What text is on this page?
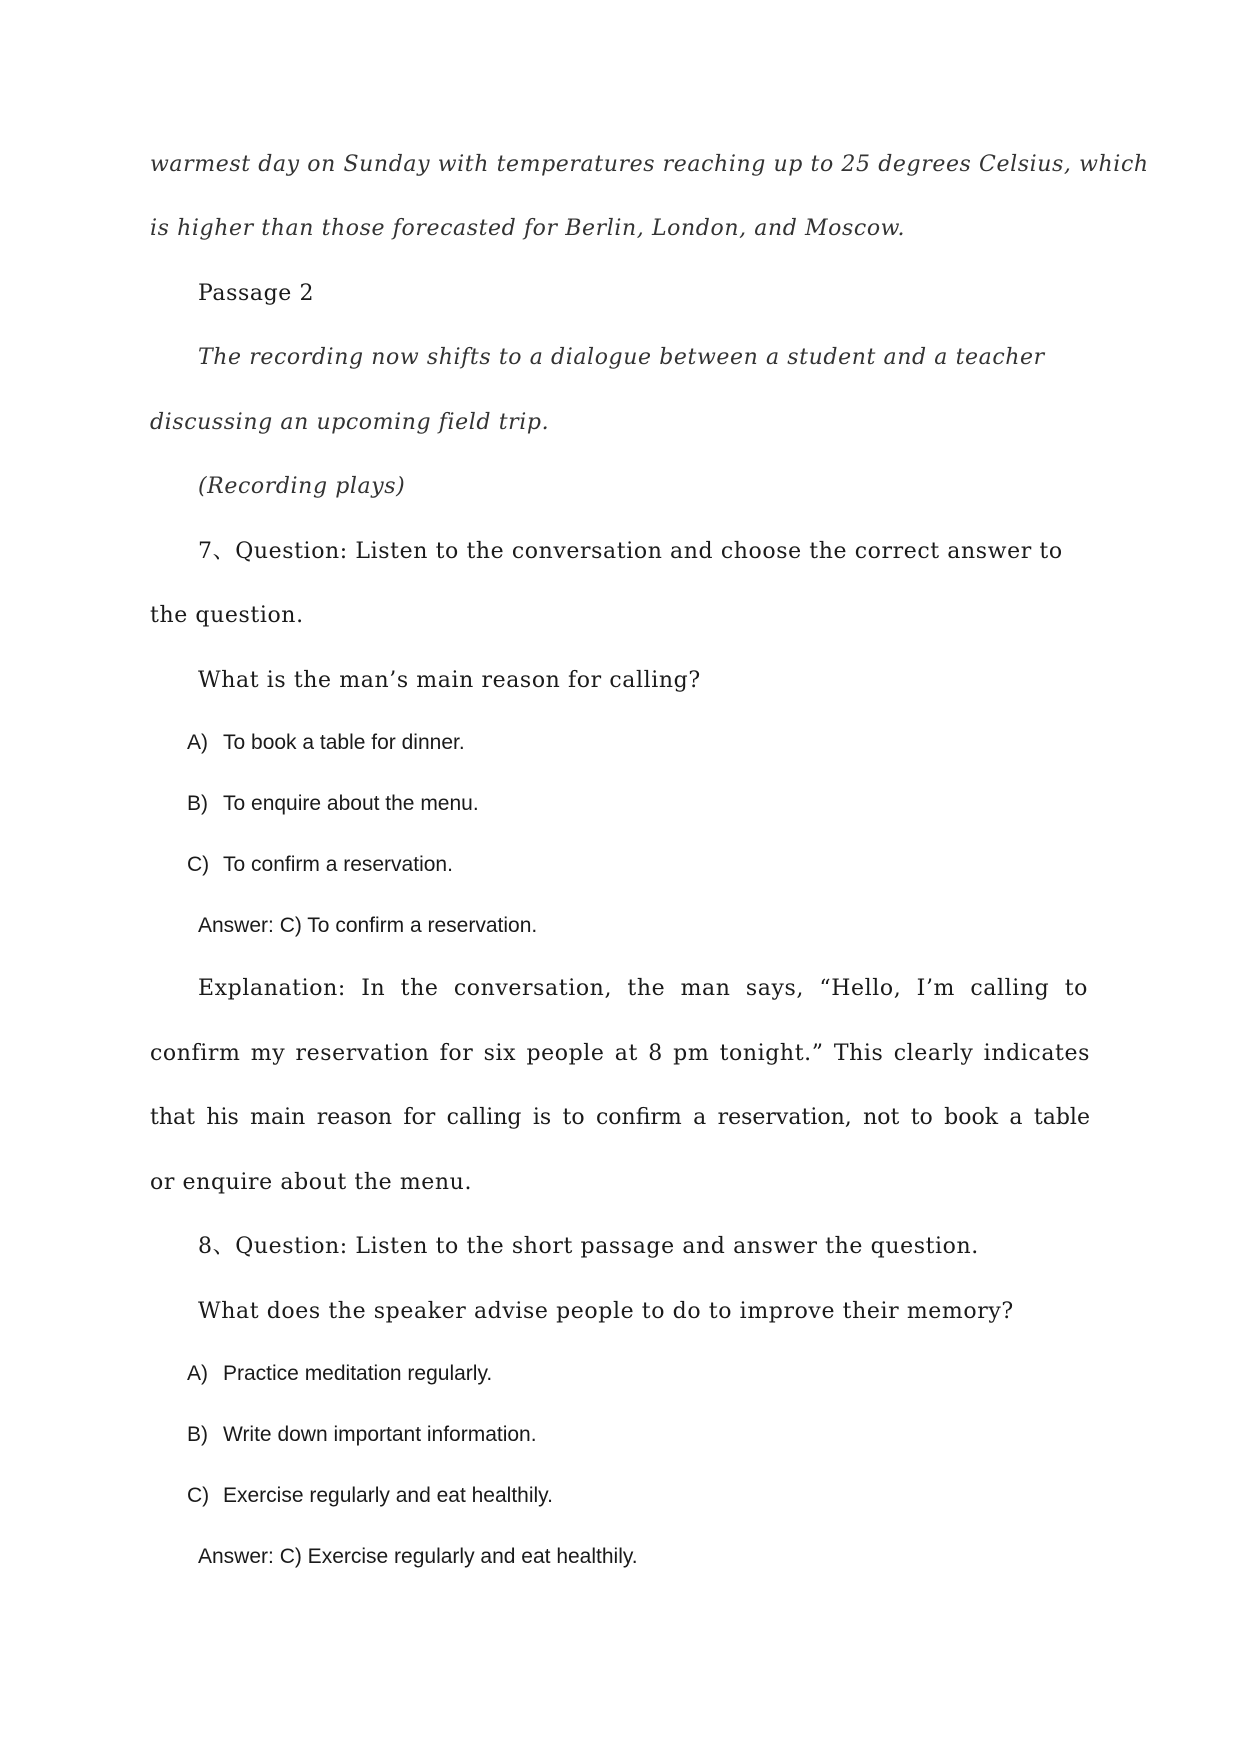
warmest day on Sunday with temperatures reaching up to 25 degrees Celsius, which
is higher than those forecasted for Berlin, London, and Moscow.
Passage 2
The recording now shifts to a dialogue between a student and a teacher
discussing an upcoming field trip.
(Recording plays)
7、Question: Listen to the conversation and choose the correct answer to
the question.
What is the man’s main reason for calling?
A) To book a table for dinner.
B) To enquire about the menu.
C) To confirm a reservation.
Answer: C) To confirm a reservation.
Explanation: In the conversation, the man says, “Hello, I’m calling to
confirm my reservation for six people at 8 pm tonight.” This clearly indicates
that his main reason for calling is to confirm a reservation, not to book a table
or enquire about the menu.
8、Question: Listen to the short passage and answer the question.
What does the speaker advise people to do to improve their memory?
A) Practice meditation regularly.
B) Write down important information.
C) Exercise regularly and eat healthily.
Answer: C) Exercise regularly and eat healthily.
